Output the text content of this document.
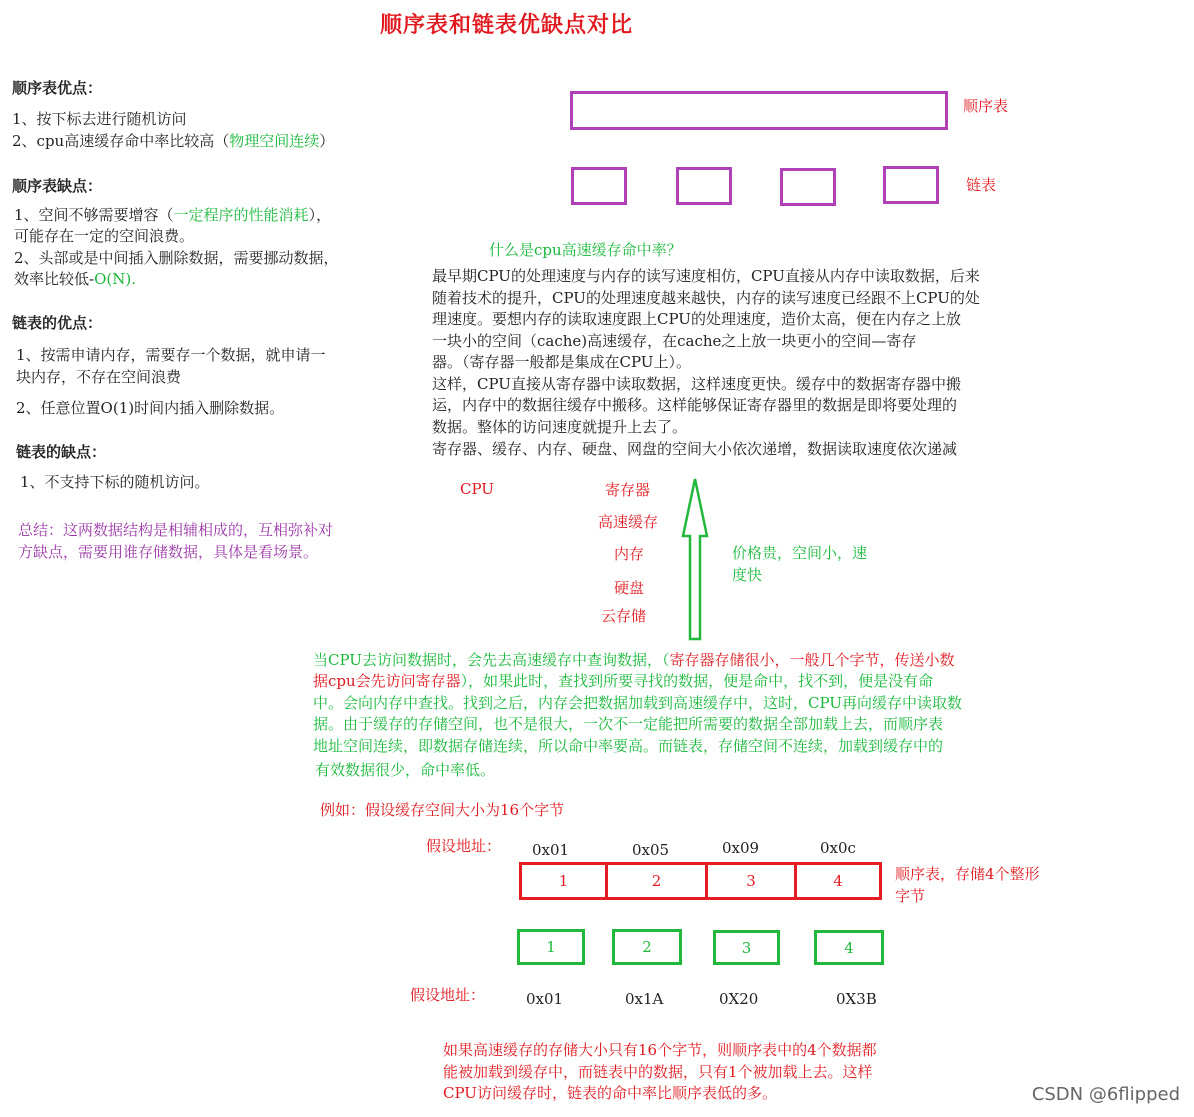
顺序表和链表优缺点对比
顺序表优点：
1、按下标去进行随机访问
2、cpu高速缓存命中率比较高（物理空间连续）
顺序表缺点：
1、空间不够需要增容（一定程序的性能消耗），
可能存在一定的空间浪费。
2、头部或是中间插入删除数据，需要挪动数据，
效率比较低-O(N).
链表的优点：
1、按需申请内存，需要存一个数据，就申请一
块内存，不存在空间浪费
2、任意位置O(1)时间内插入删除数据。
链表的缺点：
1、不支持下标的随机访问。
总结：这两数据结构是相辅相成的，互相弥补对
方缺点，需要用谁存储数据，具体是看场景。
顺序表
链表
什么是cpu高速缓存命中率？
最早期CPU的处理速度与内存的读写速度相仿，CPU直接从内存中读取数据，后来
随着技术的提升，CPU的处理速度越来越快，内存的读写速度已经跟不上CPU的处
理速度。要想内存的读取速度跟上CPU的处理速度，造价太高，便在内存之上放
一块小的空间（cache)高速缓存，在cache之上放一块更小的空间—寄存
器。（寄存器一般都是集成在CPU上）。
这样，CPU直接从寄存器中读取数据，这样速度更快。缓存中的数据寄存器中搬
运，内存中的数据往缓存中搬移。这样能够保证寄存器里的数据是即将要处理的
数据。整体的访问速度就提升上去了。
寄存器、缓存、内存、硬盘、网盘的空间大小依次递增，数据读取速度依次递减
CPU	寄存器
高速缓存
内存
硬盘
云存储
价格贵，空间小，速
度快
当CPU去访问数据时，会先去高速缓存中查询数据，（寄存器存储很小，一般几个字节，传送小数
据cpu会先访问寄存器），如果此时，查找到所要寻找的数据，便是命中，找不到，便是没有命
中。会向内存中查找。找到之后，内存会把数据加载到高速缓存中，这时，CPU再向缓存中读取数
据。由于缓存的存储空间，也不是很大，一次不一定能把所需要的数据全部加载上去，而顺序表
地址空间连续，即数据存储连续，所以命中率要高。而链表，存储空间不连续，加载到缓存中的
有效数据很少，命中率低。
例如：假设缓存空间大小为16个字节
假设地址： 0x01	0x05	0x09	0x0c
1	2	3	4	顺序表，存储4个整形
字节
1	2	3	4
假设地址：	0x01	0x1A	0X20	0X3B
如果高速缓存的存储大小只有16个字节，则顺序表中的4个数据都
能被加载到缓存中，而链表中的数据，只有1个被加载上去。这样
CPU访问缓存时，链表的命中率比顺序表低的多。	CSDN @6flipped
